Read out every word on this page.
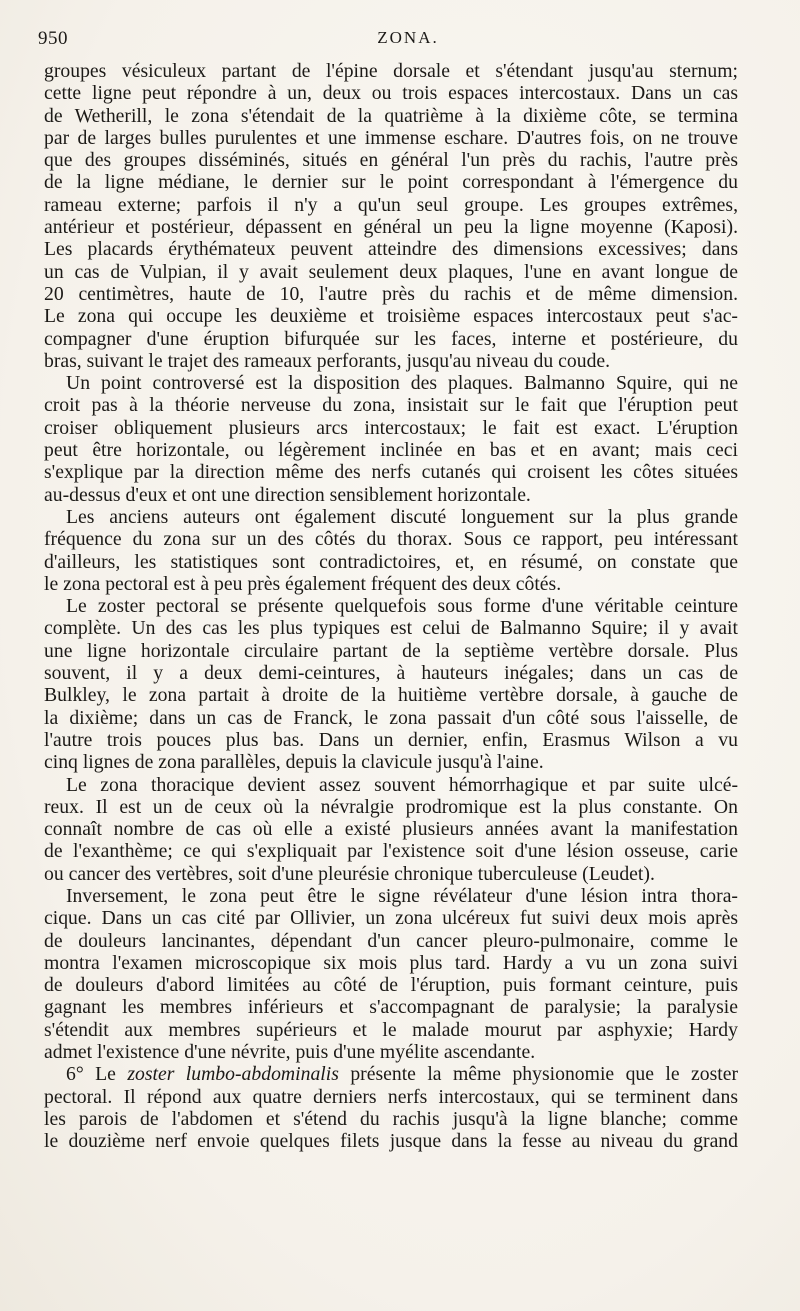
950	ZONA.
groupes vésiculeux partant de l'épine dorsale et s'étendant jusqu'au sternum;
cette ligne peut répondre à un, deux ou trois espaces intercostaux. Dans un cas
de Wetherill, le zona s'étendait de la quatrième à la dixième côte, se termina
par de larges bulles purulentes et une immense eschare. D'autres fois, on ne trouve
que des groupes disséminés, situés en général l'un près du rachis, l'autre près
de la ligne médiane, le dernier sur le point correspondant à l'émergence du
rameau externe; parfois il n'y a qu'un seul groupe. Les groupes extrêmes,
antérieur et postérieur, dépassent en général un peu la ligne moyenne (Kaposi).
Les placards érythémateux peuvent atteindre des dimensions excessives; dans
un cas de Vulpian, il y avait seulement deux plaques, l'une en avant longue de
20 centimètres, haute de 10, l'autre près du rachis et de même dimension.
Le zona qui occupe les deuxième et troisième espaces intercostaux peut s'ac-
compagner d'une éruption bifurquée sur les faces, interne et postérieure, du
bras, suivant le trajet des rameaux perforants, jusqu'au niveau du coude.
Un point controversé est la disposition des plaques. Balmanno Squire, qui ne
croit pas à la théorie nerveuse du zona, insistait sur le fait que l'éruption peut
croiser obliquement plusieurs arcs intercostaux; le fait est exact. L'éruption
peut être horizontale, ou légèrement inclinée en bas et en avant; mais ceci
s'explique par la direction même des nerfs cutanés qui croisent les côtes situées
au-dessus d'eux et ont une direction sensiblement horizontale.
Les anciens auteurs ont également discuté longuement sur la plus grande
fréquence du zona sur un des côtés du thorax. Sous ce rapport, peu intéressant
d'ailleurs, les statistiques sont contradictoires, et, en résumé, on constate que
le zona pectoral est à peu près également fréquent des deux côtés.
Le zoster pectoral se présente quelquefois sous forme d'une véritable ceinture
complète. Un des cas les plus typiques est celui de Balmanno Squire; il y avait
une ligne horizontale circulaire partant de la septième vertèbre dorsale. Plus
souvent, il y a deux demi-ceintures, à hauteurs inégales; dans un cas de
Bulkley, le zona partait à droite de la huitième vertèbre dorsale, à gauche de
la dixième; dans un cas de Franck, le zona passait d'un côté sous l'aisselle, de
l'autre trois pouces plus bas. Dans un dernier, enfin, Erasmus Wilson a vu
cinq lignes de zona parallèles, depuis la clavicule jusqu'à l'aine.
Le zona thoracique devient assez souvent hémorrhagique et par suite ulcé-
reux. Il est un de ceux où la névralgie prodromique est la plus constante. On
connaît nombre de cas où elle a existé plusieurs années avant la manifestation
de l'exanthème; ce qui s'expliquait par l'existence soit d'une lésion osseuse, carie
ou cancer des vertèbres, soit d'une pleurésie chronique tuberculeuse (Leudet).
Inversement, le zona peut être le signe révélateur d'une lésion intra thora-
cique. Dans un cas cité par Ollivier, un zona ulcéreux fut suivi deux mois après
de douleurs lancinantes, dépendant d'un cancer pleuro-pulmonaire, comme le
montra l'examen microscopique six mois plus tard. Hardy a vu un zona suivi
de douleurs d'abord limitées au côté de l'éruption, puis formant ceinture, puis
gagnant les membres inférieurs et s'accompagnant de paralysie; la paralysie
s'étendit aux membres supérieurs et le malade mourut par asphyxie; Hardy
admet l'existence d'une névrite, puis d'une myélite ascendante.
6° Le zoster lumbo-abdominalis présente la même physionomie que le zoster
pectoral. Il répond aux quatre derniers nerfs intercostaux, qui se terminent dans
les parois de l'abdomen et s'étend du rachis jusqu'à la ligne blanche; comme
le douzième nerf envoie quelques filets jusque dans la fesse au niveau du grand
